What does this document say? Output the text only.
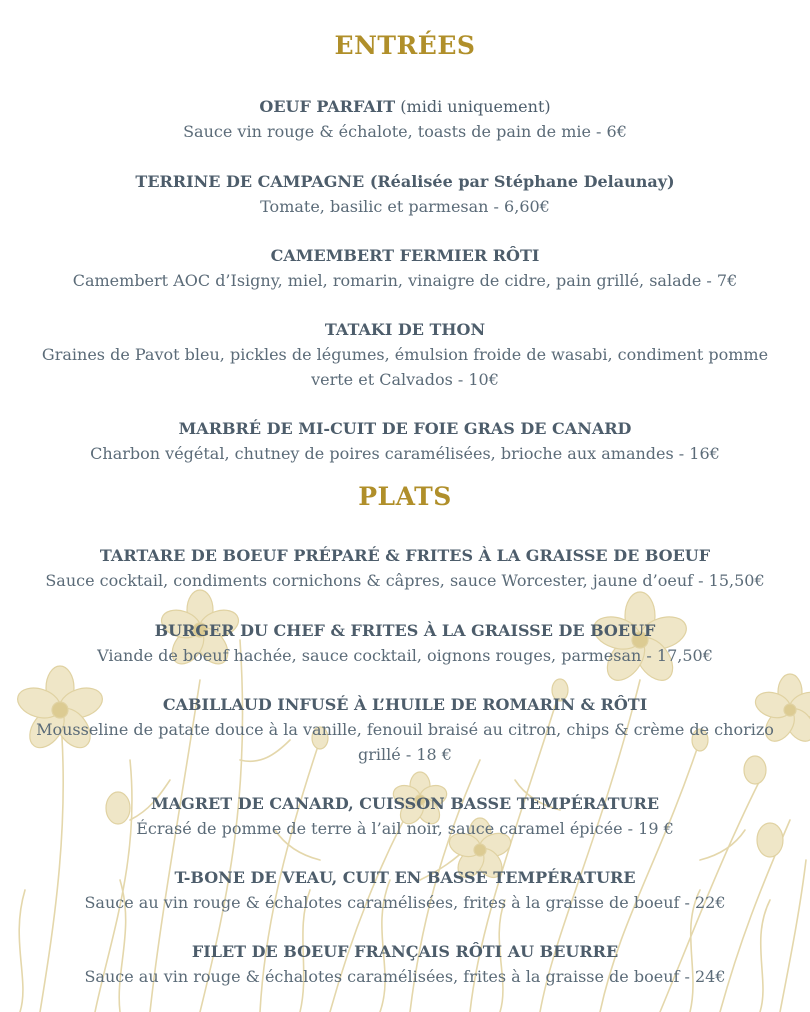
ENTRÉES
OEUF PARFAIT (midi uniquement)
Sauce vin rouge & échalote, toasts de pain de mie - 6€
TERRINE DE CAMPAGNE (Réalisée par Stéphane Delaunay)
Tomate, basilic et parmesan - 6,60€
CAMEMBERT FERMIER RÔTI
Camembert AOC d’Isigny, miel, romarin, vinaigre de cidre, pain grillé, salade - 7€
TATAKI DE THON
Graines de Pavot bleu, pickles de légumes, émulsion froide de wasabi, condiment pomme verte et Calvados - 10€
MARBRÉ DE MI-CUIT DE FOIE GRAS DE CANARD
Charbon végétal, chutney de poires caramélisées, brioche aux amandes - 16€
PLATS
TARTARE DE BOEUF PRÉPARÉ & FRITES À LA GRAISSE DE BOEUF
Sauce cocktail, condiments cornichons & câpres, sauce Worcester, jaune d’oeuf - 15,50€
BURGER DU CHEF & FRITES À LA GRAISSE DE BOEUF
Viande de boeuf hachée, sauce cocktail, oignons rouges, parmesan - 17,50€
CABILLAUD INFUSÉ À L’HUILE DE ROMARIN & RÔTI
Mousseline de patate douce à la vanille, fenouil braisé au citron, chips & crème de chorizo grillé - 18 €
MAGRET DE CANARD, CUISSON BASSE TEMPÉRATURE
Écrasé de pomme de terre à l’ail noir, sauce caramel épicée - 19 €
T-BONE DE VEAU, CUIT EN BASSE TEMPÉRATURE
Sauce au vin rouge & échalotes caramélisées, frites à la graisse de boeuf - 22€
FILET DE BOEUF FRANÇAIS RÔTI AU BEURRE
Sauce au vin rouge & échalotes caramélisées, frites à la graisse de boeuf - 24€
